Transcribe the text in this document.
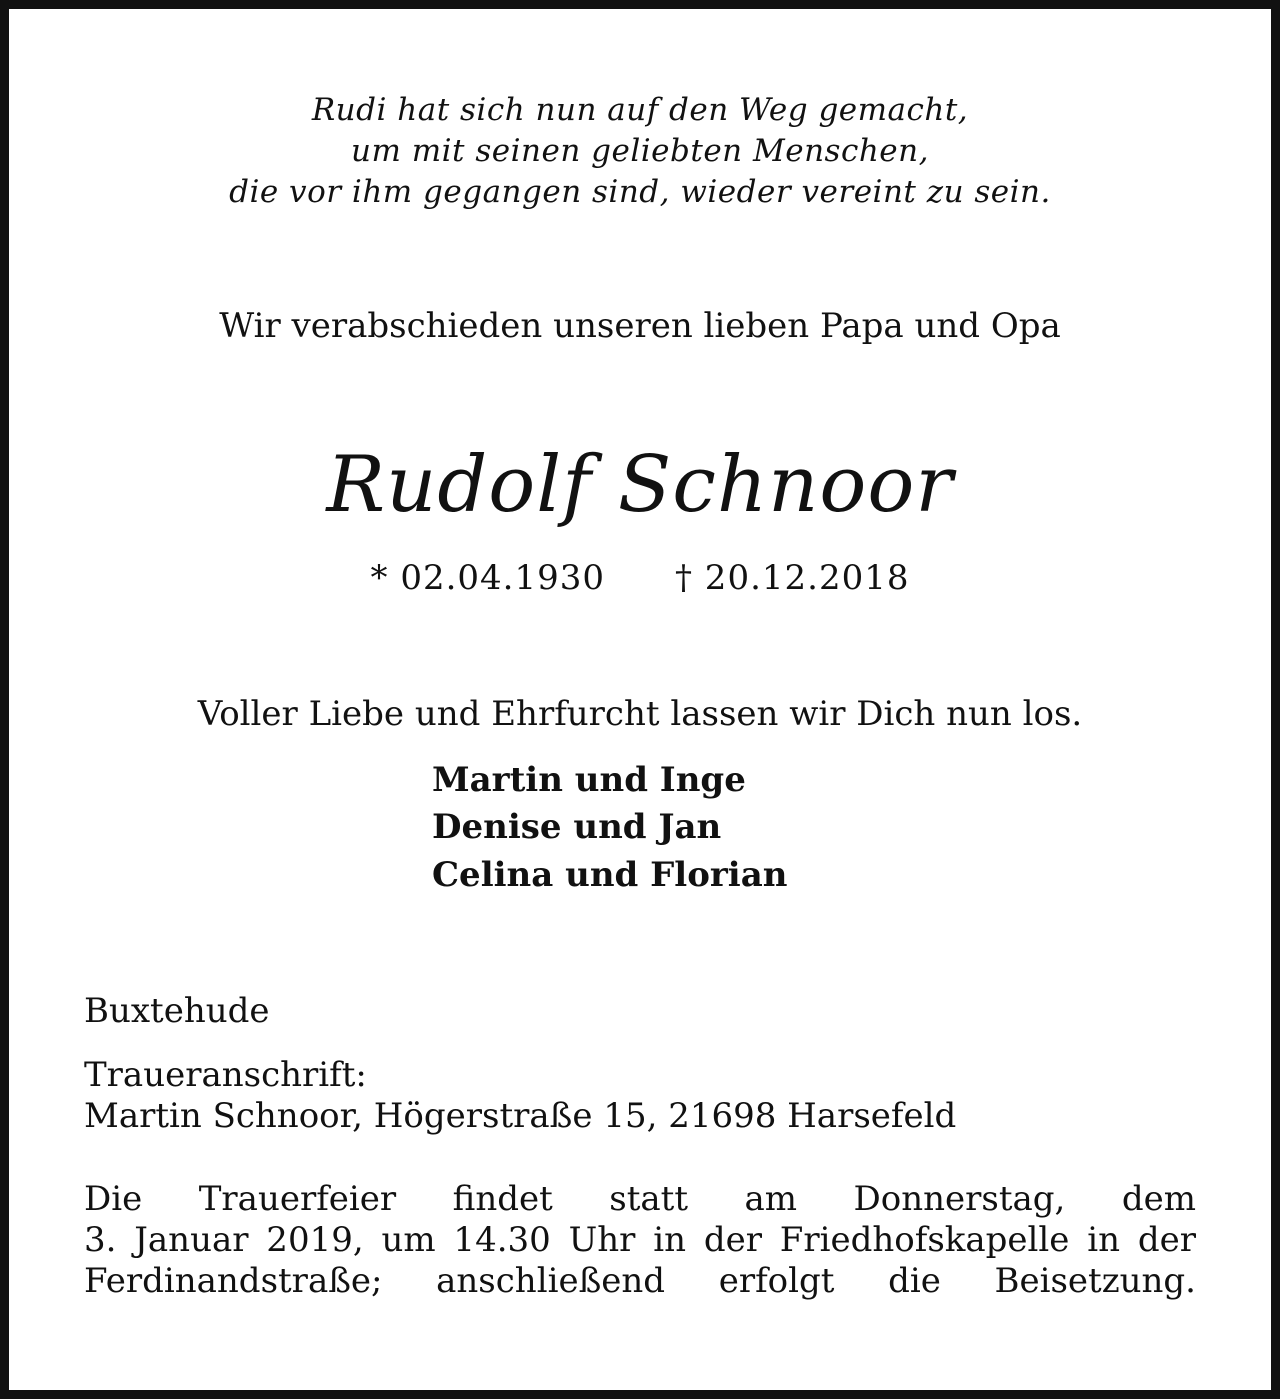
Rudi hat sich nun auf den Weg gemacht,
um mit seinen geliebten Menschen,
die vor ihm gegangen sind, wieder vereint zu sein.
Wir verabschieden unseren lieben Papa und Opa
Rudolf Schnoor
* 02.04.1930 † 20.12.2018
Voller Liebe und Ehrfurcht lassen wir Dich nun los.
Martin und Inge
Denise und Jan
Celina und Florian
Buxtehude
Traueranschrift:
Martin Schnoor, Högerstraße 15, 21698 Harsefeld
Die Trauerfeier findet statt am Donnerstag, dem
3. Januar 2019, um 14.30 Uhr in der Friedhofskapelle in der
Ferdinandstraße; anschließend erfolgt die Beisetzung.
